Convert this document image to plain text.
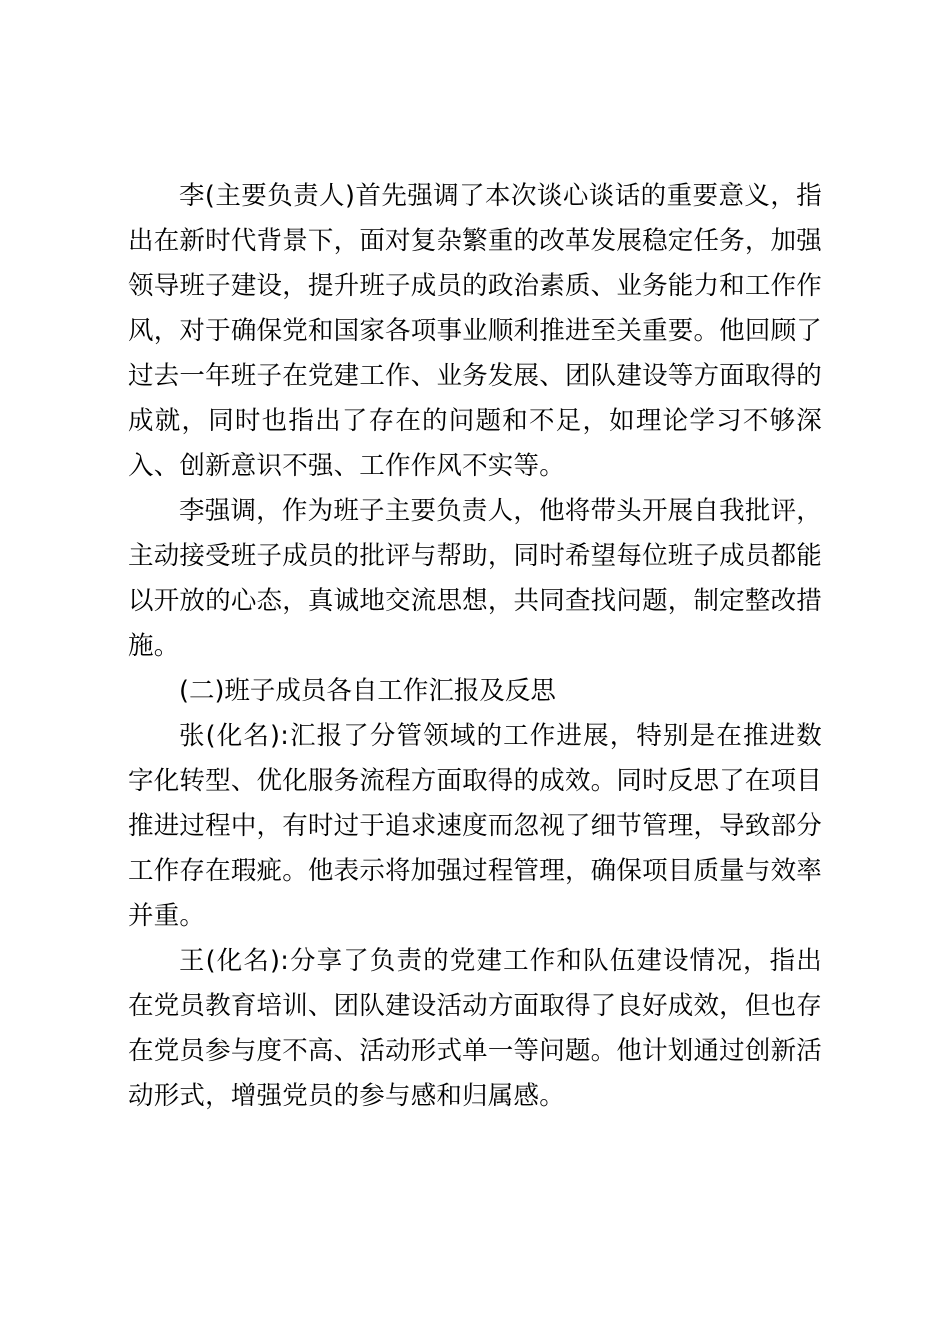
李(主要负责人)首先强调了本次谈心谈话的重要意义，指出在新时代背景下，面对复杂繁重的改革发展稳定任务，加强领导班子建设，提升班子成员的政治素质、业务能力和工作作风，对于确保党和国家各项事业顺利推进至关重要。他回顾了过去一年班子在党建工作、业务发展、团队建设等方面取得的成就，同时也指出了存在的问题和不足，如理论学习不够深入、创新意识不强、工作作风不实等。

李强调，作为班子主要负责人，他将带头开展自我批评，主动接受班子成员的批评与帮助，同时希望每位班子成员都能以开放的心态，真诚地交流思想，共同查找问题，制定整改措施。

(二)班子成员各自工作汇报及反思

张(化名):汇报了分管领域的工作进展，特别是在推进数字化转型、优化服务流程方面取得的成效。同时反思了在项目推进过程中，有时过于追求速度而忽视了细节管理，导致部分工作存在瑕疵。他表示将加强过程管理，确保项目质量与效率并重。

王(化名):分享了负责的党建工作和队伍建设情况，指出在党员教育培训、团队建设活动方面取得了良好成效，但也存在党员参与度不高、活动形式单一等问题。他计划通过创新活动形式，增强党员的参与感和归属感。
